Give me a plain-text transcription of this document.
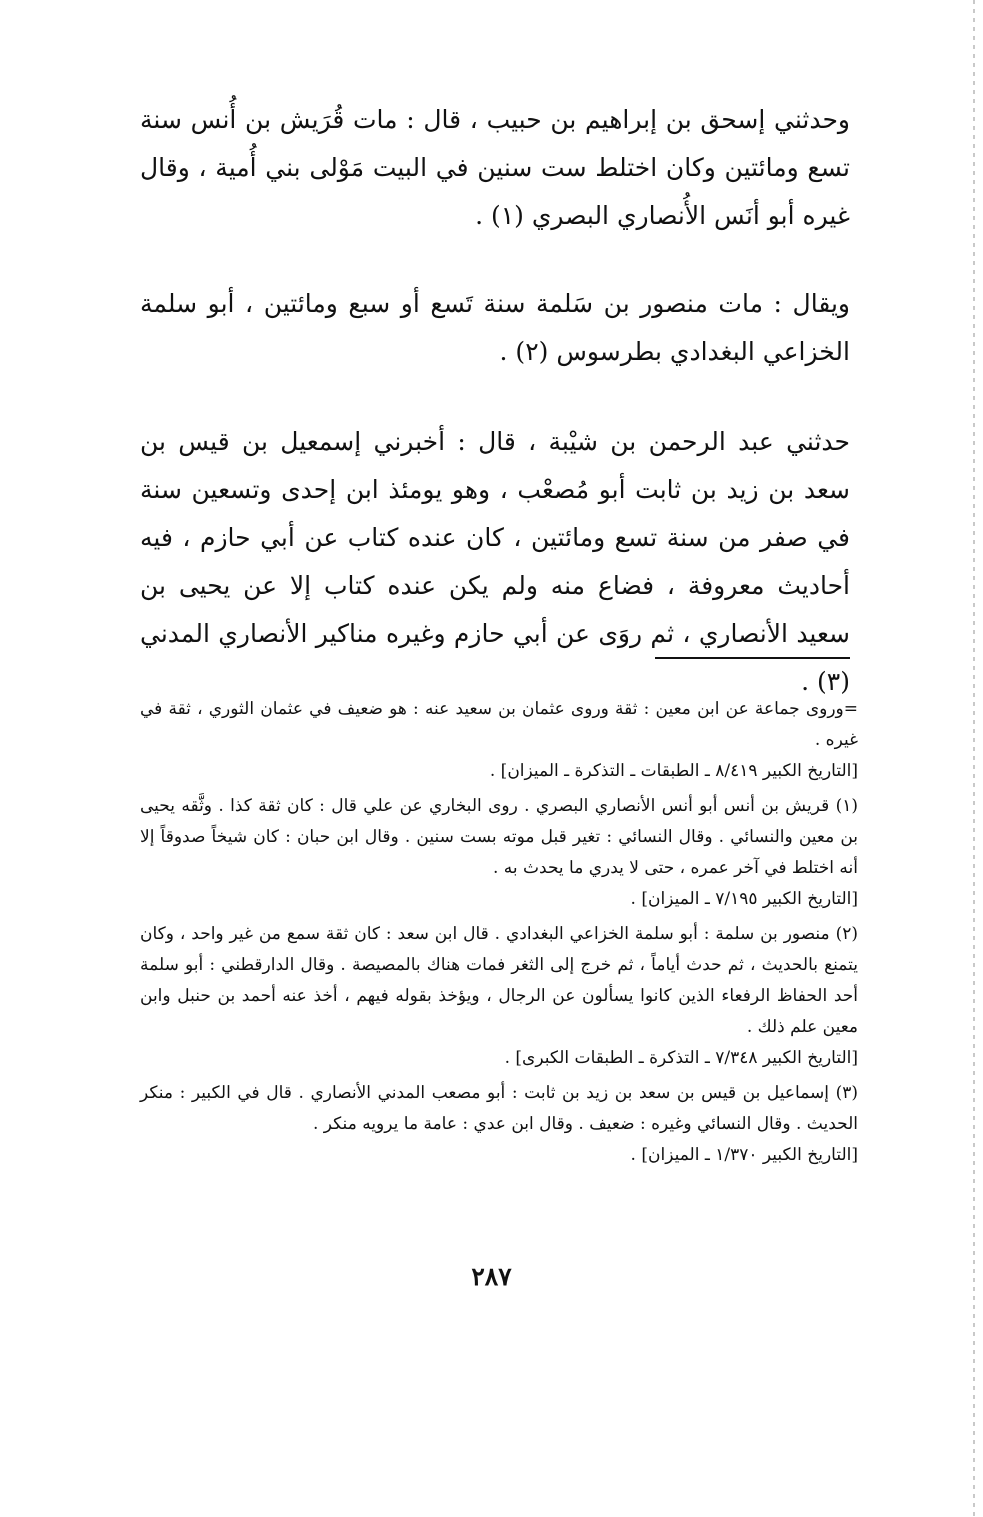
وحدثني إسحق بن إبراهيم بن حبيب ، قال : مات قُرَيش بن أُنس سنة تسع ومائتين وكان اختلط ست سنين في البيت مَوْلى بني أُمية ، وقال غيره أبو أنَس الأُنصاري البصري (١) .

ويقال : مات منصور بن سَلمة سنة تَسع أو سبع ومائتين ، أبو سلمة الخزاعي البغدادي بطرسوس (٢) .

حدثني عبد الرحمن بن شيْبة ، قال : أخبرني إسمعيل بن قيس بن سعد بن زيد بن ثابت أبو مُصعْب ، وهو يومئذ ابن إحدى وتسعين سنة في صفر من سنة تسع ومائتين ، كان عنده كتاب عن أبي حازم ، فيه أحاديث معروفة ، فضاع منه ولم يكن عنده كتاب إلا عن يحيى بن سعيد الأنصاري ، ثم روَى عن أبي حازم وغيره مناكير الأنصاري المدني (٣) .

=وروى جماعة عن ابن معين : ثقة وروى عثمان بن سعيد عنه : هو ضعيف في عثمان الثوري ، ثقة في غيره .

[التاريخ الكبير ٨/٤١٩ ـ الطبقات ـ التذكرة ـ الميزان] .

(١) قريش بن أنس أبو أنس الأنصاري البصري . روى البخاري عن علي قال : كان ثقة كذا . وثَّقه يحيى بن معين والنسائي . وقال النسائي : تغير قبل موته بست سنين . وقال ابن حبان : كان شيخاً صدوقاً إلا أنه اختلط في آخر عمره ، حتى لا يدري ما يحدث به .

[التاريخ الكبير ٧/١٩٥ ـ الميزان] .

(٢) منصور بن سلمة : أبو سلمة الخزاعي البغدادي . قال ابن سعد : كان ثقة سمع من غير واحد ، وكان يتمنع بالحديث ، ثم حدث أياماً ، ثم خرج إلى الثغر فمات هناك بالمصيصة . وقال الدارقطني : أبو سلمة أحد الحفاظ الرفعاء الذين كانوا يسألون عن الرجال ، ويؤخذ بقوله فيهم ، أخذ عنه أحمد بن حنبل وابن معين علم ذلك .

[التاريخ الكبير ٧/٣٤٨ ـ التذكرة ـ الطبقات الكبرى] .

(٣) إسماعيل بن قيس بن سعد بن زيد بن ثابت : أبو مصعب المدني الأنصاري . قال في الكبير : منكر الحديث . وقال النسائي وغيره : ضعيف . وقال ابن عدي : عامة ما يرويه منكر .

[التاريخ الكبير ١/٣٧٠ ـ الميزان] .

٢٨٧
